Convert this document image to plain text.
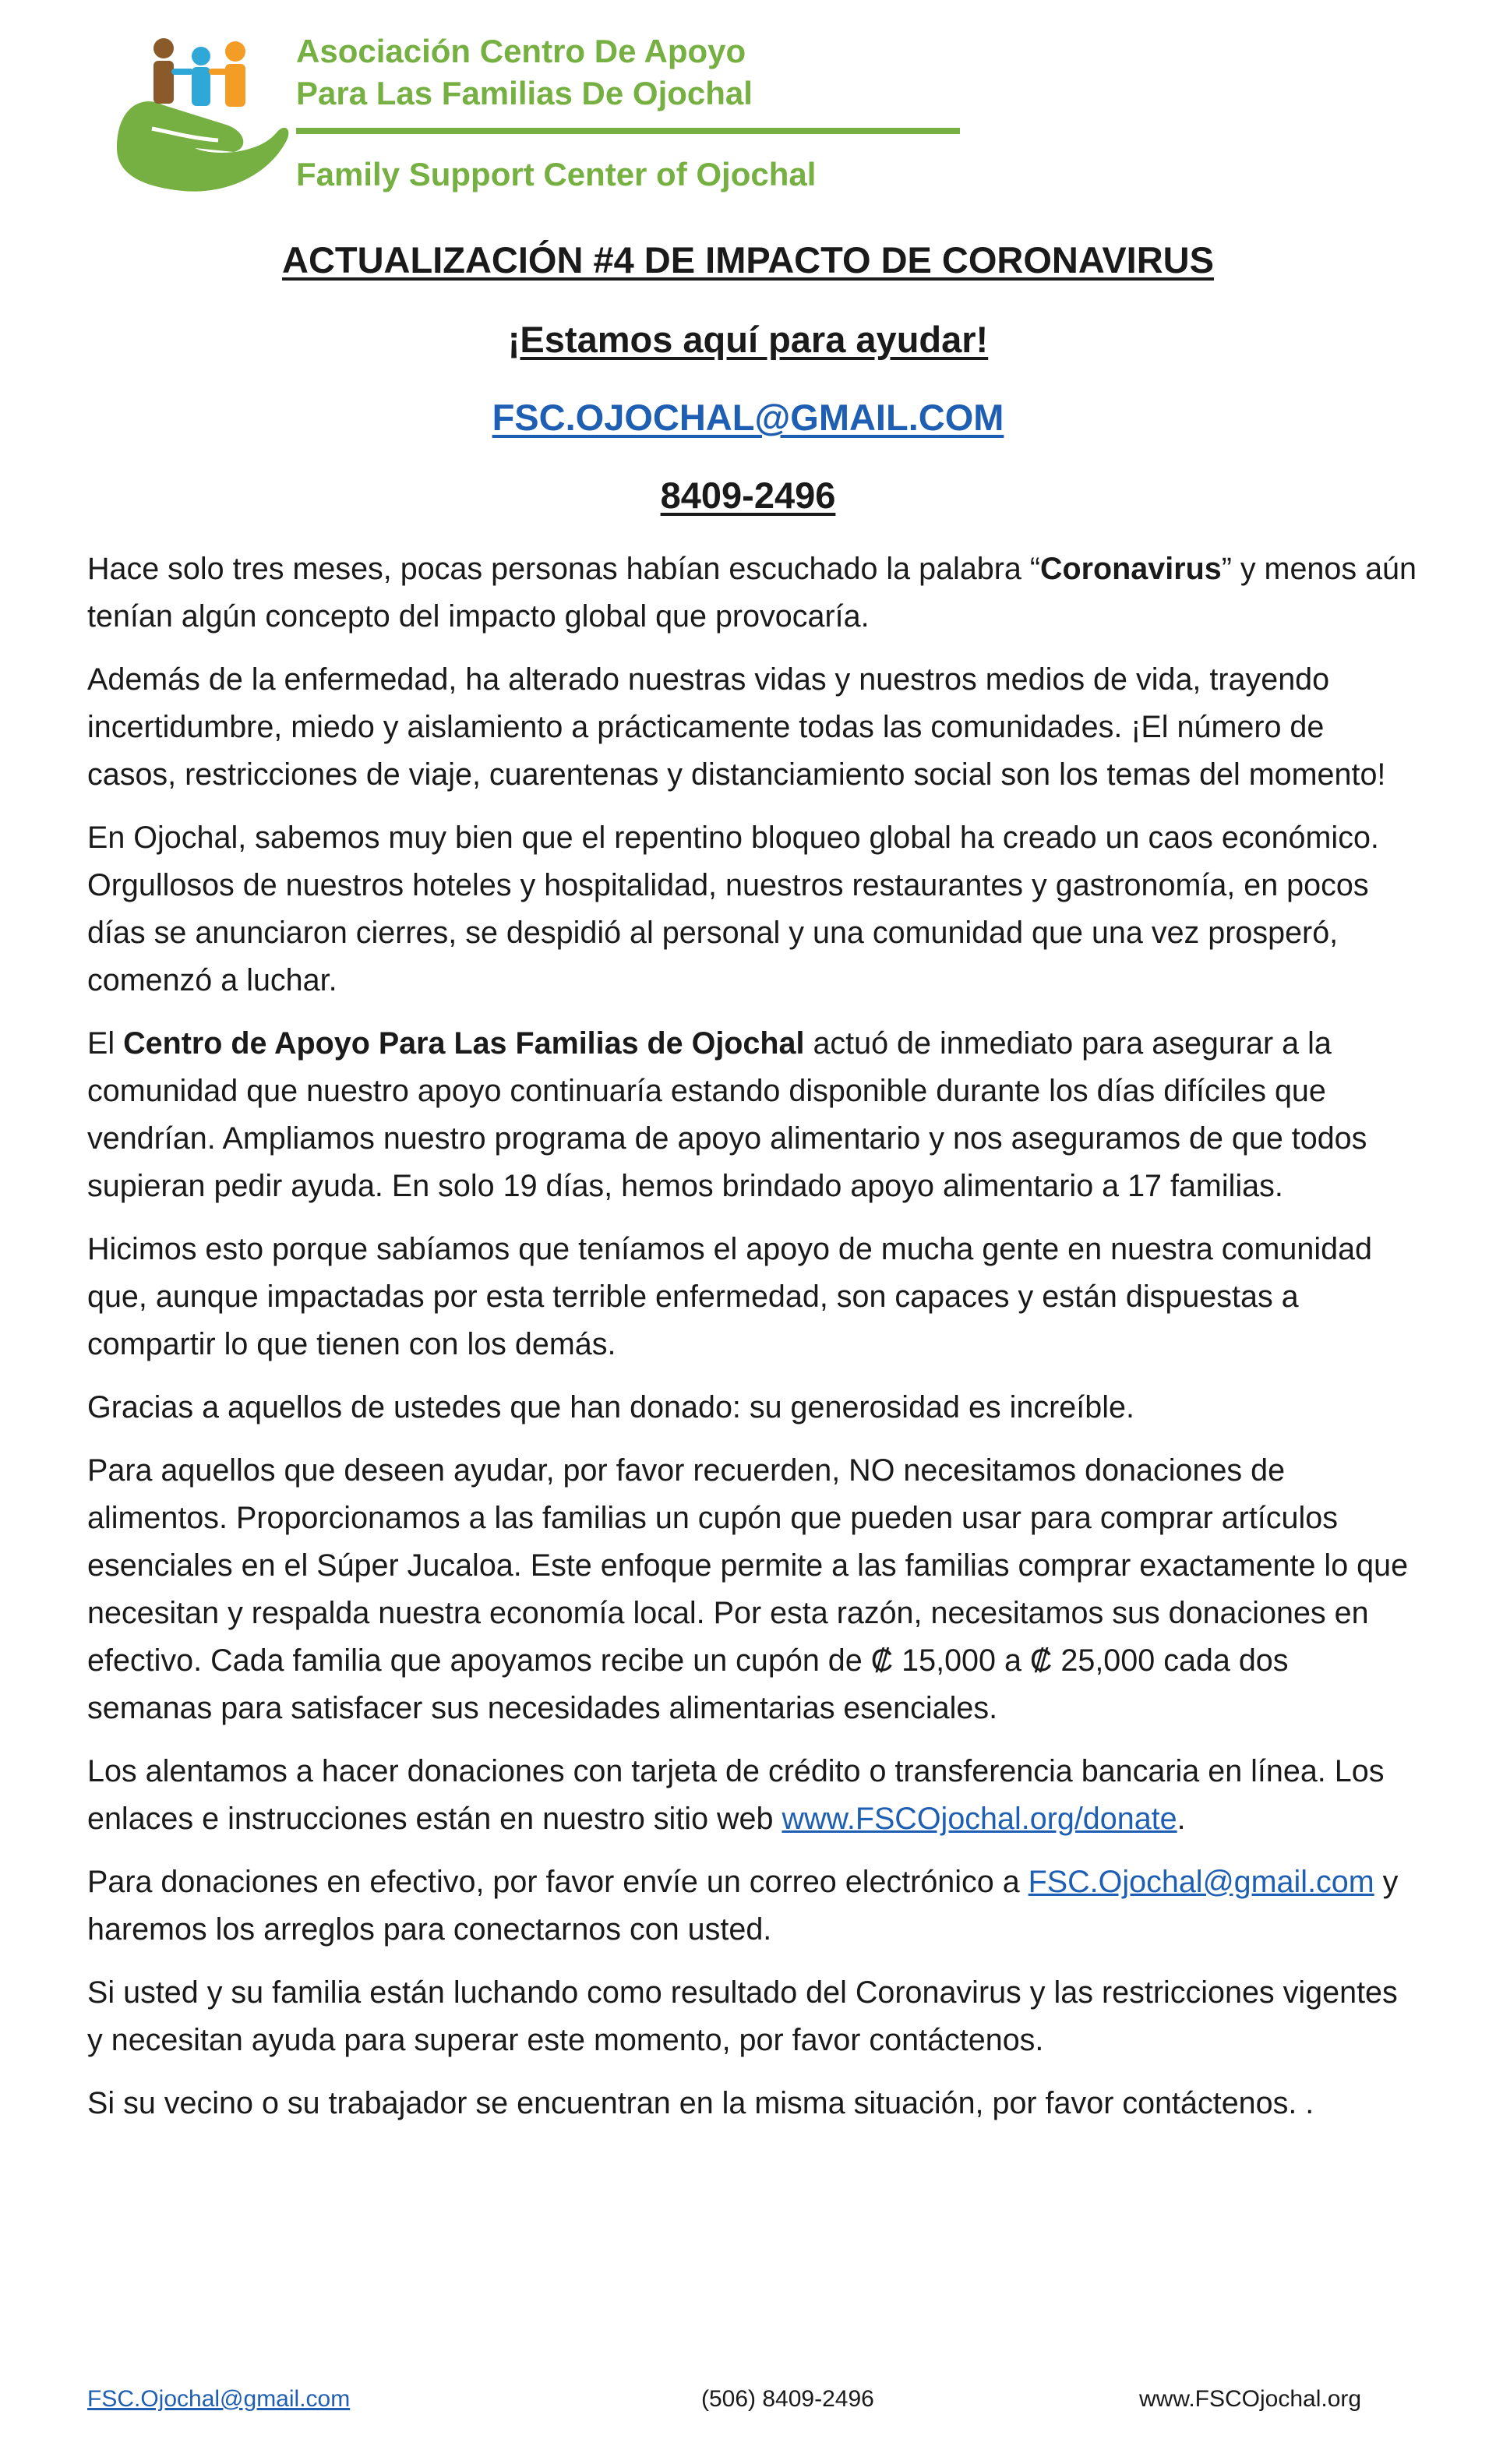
Asociación Centro De Apoyo
Para Las Familias De Ojochal
Family Support Center of Ojochal
ACTUALIZACIÓN #4 DE IMPACTO DE CORONAVIRUS
¡Estamos aquí para ayudar!
FSC.OJOCHAL@GMAIL.COM
8409-2496

Hace solo tres meses, pocas personas habían escuchado la palabra “Coronavirus” y menos aún tenían algún concepto del impacto global que provocaría.

Además de la enfermedad, ha alterado nuestras vidas y nuestros medios de vida, trayendo incertidumbre, miedo y aislamiento a prácticamente todas las comunidades. ¡El número de casos, restricciones de viaje, cuarentenas y distanciamiento social son los temas del momento!

En Ojochal, sabemos muy bien que el repentino bloqueo global ha creado un caos económico. Orgullosos de nuestros hoteles y hospitalidad, nuestros restaurantes y gastronomía, en pocos días se anunciaron cierres, se despidió al personal y una comunidad que una vez prosperó, comenzó a luchar.

El Centro de Apoyo Para Las Familias de Ojochal actuó de inmediato para asegurar a la comunidad que nuestro apoyo continuaría estando disponible durante los días difíciles que vendrían. Ampliamos nuestro programa de apoyo alimentario y nos aseguramos de que todos supieran pedir ayuda. En solo 19 días, hemos brindado apoyo alimentario a 17 familias.

Hicimos esto porque sabíamos que teníamos el apoyo de mucha gente en nuestra comunidad que, aunque impactadas por esta terrible enfermedad, son capaces y están dispuestas a compartir lo que tienen con los demás.

Gracias a aquellos de ustedes que han donado: su generosidad es increíble.

Para aquellos que deseen ayudar, por favor recuerden, NO necesitamos donaciones de alimentos. Proporcionamos a las familias un cupón que pueden usar para comprar artículos esenciales en el Súper Jucaloa. Este enfoque permite a las familias comprar exactamente lo que necesitan y respalda nuestra economía local. Por esta razón, necesitamos sus donaciones en efectivo. Cada familia que apoyamos recibe un cupón de ₡ 15,000 a ₡ 25,000 cada dos semanas para satisfacer sus necesidades alimentarias esenciales.

Los alentamos a hacer donaciones con tarjeta de crédito o transferencia bancaria en línea. Los enlaces e instrucciones están en nuestro sitio web www.FSCOjochal.org/donate.

Para donaciones en efectivo, por favor envíe un correo electrónico a FSC.Ojochal@gmail.com y haremos los arreglos para conectarnos con usted.

Si usted y su familia están luchando como resultado del Coronavirus y las restricciones vigentes y necesitan ayuda para superar este momento, por favor contáctenos.

Si su vecino o su trabajador se encuentran en la misma situación, por favor contáctenos. .

FSC.Ojochal@gmail.com	(506) 8409-2496	www.FSCOjochal.org
